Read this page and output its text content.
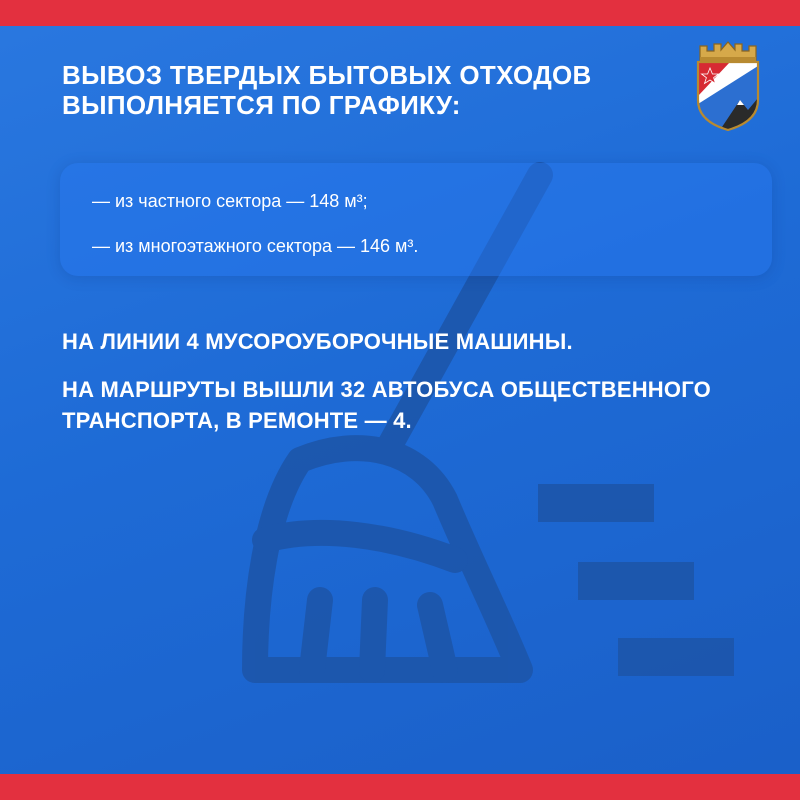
ВЫВОЗ ТВЕРДЫХ БЫТОВЫХ ОТХОДОВ ВЫПОЛНЯЕТСЯ ПО ГРАФИКУ:
— из частного сектора — 148 м³;
— из многоэтажного сектора — 146 м³.

НА ЛИНИИ 4 МУСОРОУБОРОЧНЫЕ МАШИНЫ.

НА МАРШРУТЫ ВЫШЛИ 32 АВТОБУСА ОБЩЕСТВЕННОГО ТРАНСПОРТА, В РЕМОНТЕ — 4.
